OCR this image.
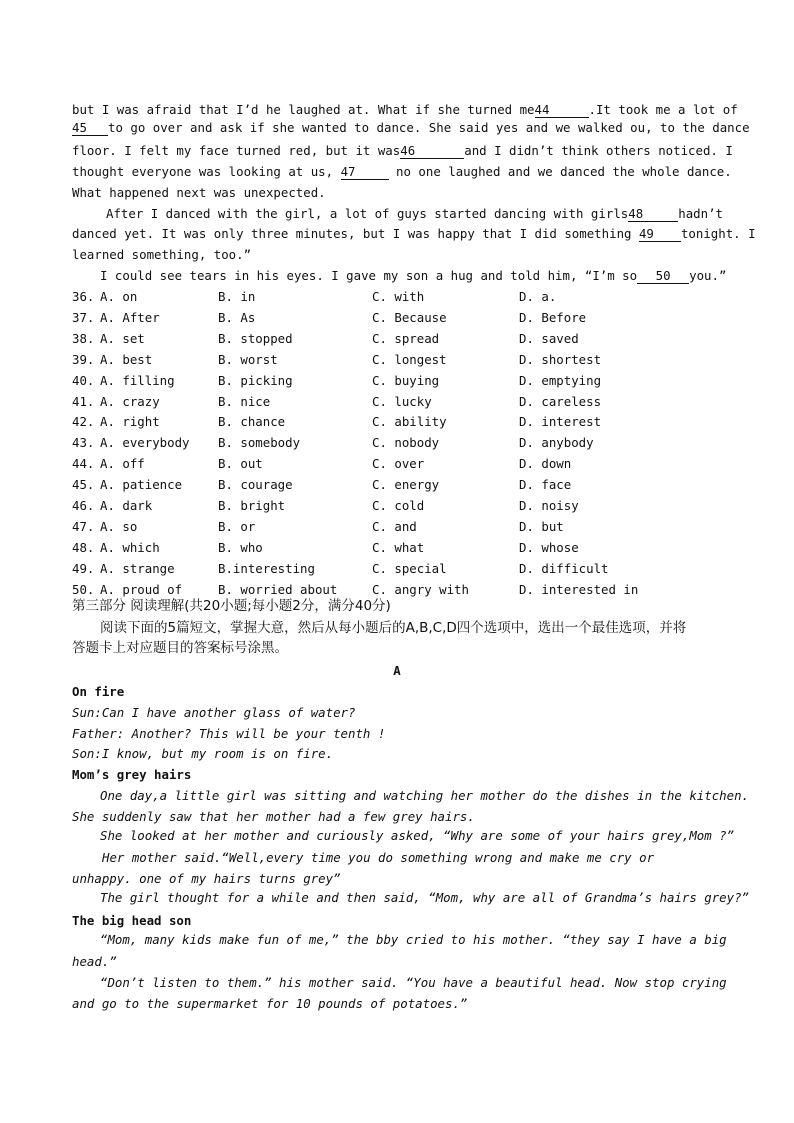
but I was afraid that I’d he laughed at. What if she turned me44	.It took me a lot of
45 to go over and ask if she wanted to dance. She said yes and we walked ou, to the dance
floor. I felt my face turned red, but it was46	and I didn’t think others noticed. I
thought everyone was looking at us, 47	no one laughed and we danced the whole dance.
What happened next was unexpected.
After I danced with the girl, a lot of guys started dancing with girls48	hadn’t
danced yet. It was only three minutes, but I was happy that I did something 49 tonight. I
learned something, too.”
I could see tears in his eyes. I gave my son a hug and told him, “I’m so 50 you.”
36. A. on	B. in	C. with	D. a.
37. A. After	B. As	C. Because	D. Before
38. A. set	B. stopped	C. spread	D. saved
39. A. best	B. worst	C. longest	D. shortest
40. A. filling	B. picking	C. buying	D. emptying
41. A. crazy	B. nice	C. lucky	D. careless
42. A. right	B. chance	C. ability	D. interest
43. A. everybody B. somebody	C. nobody	D. anybody
44. A. off	B. out	C. over	D. down
45. A. patience	B. courage	C. energy	D. face
46. A. dark	B. bright	C. cold	D. noisy
47. A. so	B. or	C. and	D. but
48. A. which	B. who	C. what	D. whose
49. A. strange	B.interesting	C. special	D. difficult
50. A. proud of	B. worried about	C. angry with	D. interested in
第三部分 阅读理解(共20小题;每小题2分，满分40分)
阅读下面的5篇短文，掌握大意，然后从每小题后的A,B,C,D四个选项中，选出一个最佳选项，并将
答题卡上对应题目的答案标号涂黑。
A
On fire
Sun:Can I have another glass of water?
Father: Another? This will be your tenth !
Son:I know, but my room is on fire.
Mom’s grey hairs
One day,a little girl was sitting and watching her mother do the dishes in the kitchen.
She suddenly saw that her mother had a few grey hairs.
She looked at her mother and curiously asked, “Why are some of your hairs grey,Mom ?”
Her mother said.“Well,every time you do something wrong and make me cry or
unhappy. one of my hairs turns grey”
The girl thought for a while and then said, “Mom, why are all of Grandma’s hairs grey?”
The big head son
“Mom, many kids make fun of me,” the bby cried to his mother. “they say I have a big
head.”
“Don’t listen to them.” his mother said. “You have a beautiful head. Now stop crying
and go to the supermarket for 10 pounds of potatoes.”
